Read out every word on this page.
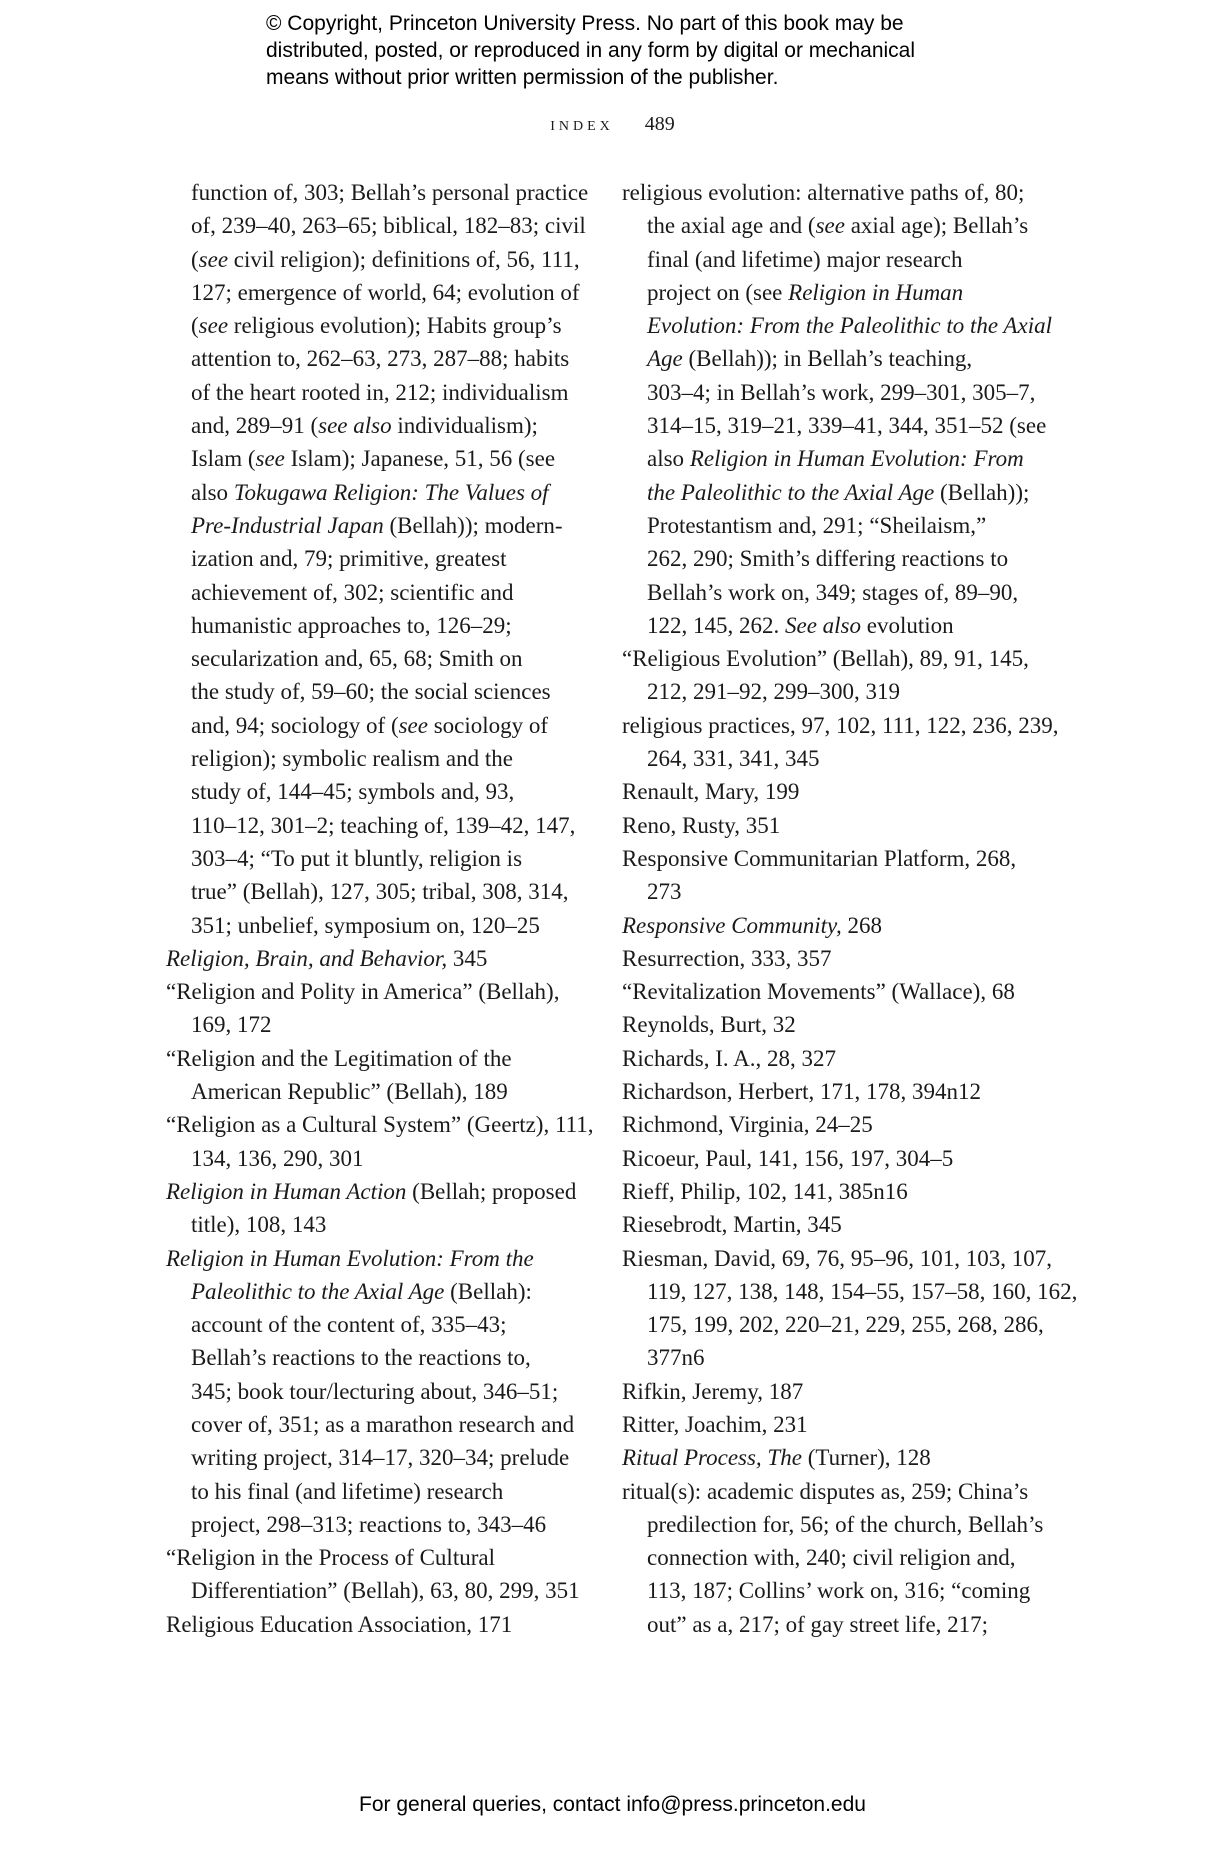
© Copyright, Princeton University Press. No part of this book may be
distributed, posted, or reproduced in any form by digital or mechanical
means without prior written permission of the publisher.
index 489
function of, 303; Bellah’s personal practice
of, 239–40, 263–65; biblical, 182–83; civil
(see civil religion); definitions of, 56, 111,
127; emergence of world, 64; evolution of
(see religious evolution); Habits group’s
attention to, 262–63, 273, 287–88; habits
of the heart rooted in, 212; individualism
and, 289–91 (see also individualism);
Islam (see Islam); Japanese, 51, 56 (see
also Tokugawa Religion: The Values of
Pre-Industrial Japan (Bellah)); modern-
ization and, 79; primitive, greatest
achievement of, 302; scientific and
humanistic approaches to, 126–29;
secularization and, 65, 68; Smith on
the study of, 59–60; the social sciences
and, 94; sociology of (see sociology of
religion); symbolic realism and the
study of, 144–45; symbols and, 93,
110–12, 301–2; teaching of, 139–42, 147,
303–4; “To put it bluntly, religion is
true” (Bellah), 127, 305; tribal, 308, 314,
351; unbelief, symposium on, 120–25
Religion, Brain, and Behavior, 345
“Religion and Polity in America” (Bellah),
169, 172
“Religion and the Legitimation of the
American Republic” (Bellah), 189
“Religion as a Cultural System” (Geertz), 111,
134, 136, 290, 301
Religion in Human Action (Bellah; proposed
title), 108, 143
Religion in Human Evolution: From the
Paleolithic to the Axial Age (Bellah):
account of the content of, 335–43;
Bellah’s reactions to the reactions to,
345; book tour/lecturing about, 346–51;
cover of, 351; as a marathon research and
writing project, 314–17, 320–34; prelude
to his final (and lifetime) research
project, 298–313; reactions to, 343–46
“Religion in the Process of Cultural
Differentiation” (Bellah), 63, 80, 299, 351
Religious Education Association, 171
religious evolution: alternative paths of, 80;
the axial age and (see axial age); Bellah’s
final (and lifetime) major research
project on (see Religion in Human
Evolution: From the Paleolithic to the Axial
Age (Bellah)); in Bellah’s teaching,
303–4; in Bellah’s work, 299–301, 305–7,
314–15, 319–21, 339–41, 344, 351–52 (see
also Religion in Human Evolution: From
the Paleolithic to the Axial Age (Bellah));
Protestantism and, 291; “Sheilaism,”
262, 290; Smith’s differing reactions to
Bellah’s work on, 349; stages of, 89–90,
122, 145, 262. See also evolution
“Religious Evolution” (Bellah), 89, 91, 145,
212, 291–92, 299–300, 319
religious practices, 97, 102, 111, 122, 236, 239,
264, 331, 341, 345
Renault, Mary, 199
Reno, Rusty, 351
Responsive Communitarian Platform, 268,
273
Responsive Community, 268
Resurrection, 333, 357
“Revitalization Movements” (Wallace), 68
Reynolds, Burt, 32
Richards, I. A., 28, 327
Richardson, Herbert, 171, 178, 394n12
Richmond, Virginia, 24–25
Ricoeur, Paul, 141, 156, 197, 304–5
Rieff, Philip, 102, 141, 385n16
Riesebrodt, Martin, 345
Riesman, David, 69, 76, 95–96, 101, 103, 107,
119, 127, 138, 148, 154–55, 157–58, 160, 162,
175, 199, 202, 220–21, 229, 255, 268, 286,
377n6
Rifkin, Jeremy, 187
Ritter, Joachim, 231
Ritual Process, The (Turner), 128
ritual(s): academic disputes as, 259; China’s
predilection for, 56; of the church, Bellah’s
connection with, 240; civil religion and,
113, 187; Collins’ work on, 316; “coming
out” as a, 217; of gay street life, 217;
For general queries, contact info@press.princeton.edu
